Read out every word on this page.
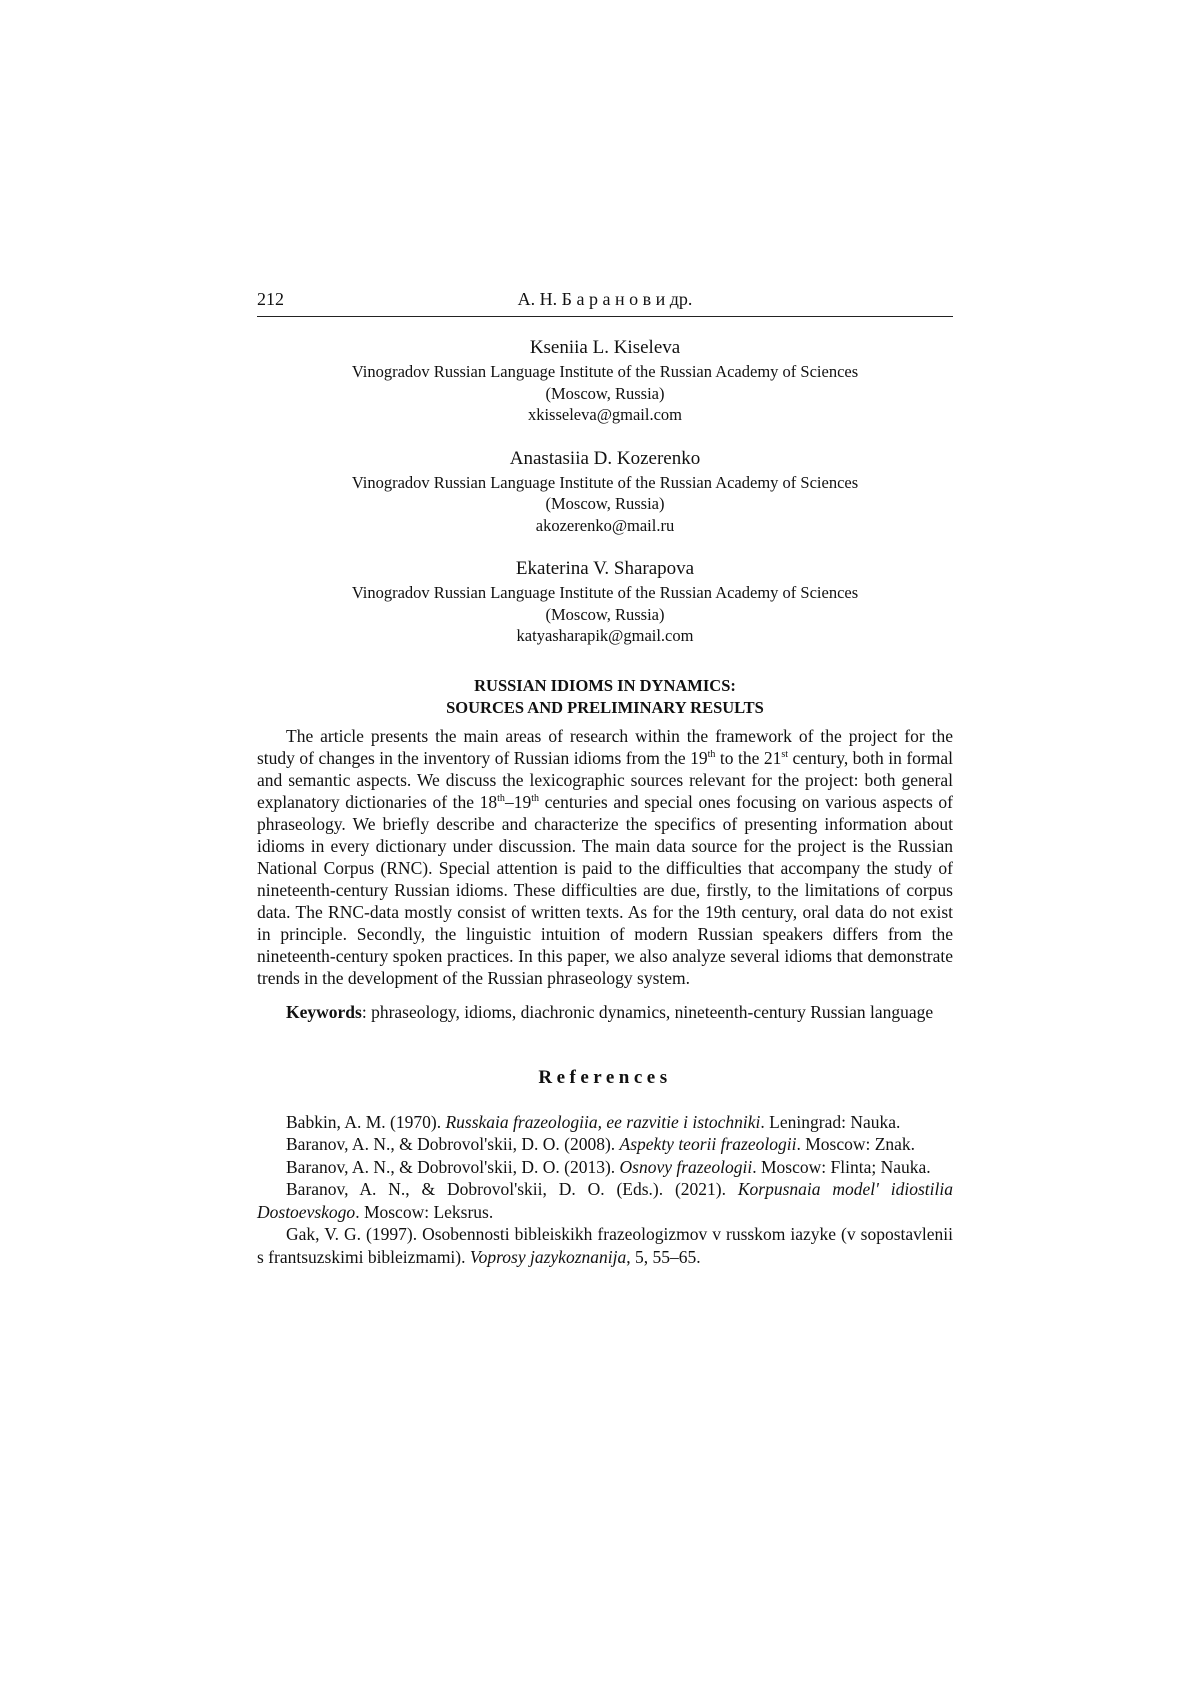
212	А. Н. Б а р а н о в и др.
Kseniia L. Kiseleva
Vinogradov Russian Language Institute of the Russian Academy of Sciences
(Moscow, Russia)
xkisseleva@gmail.com
Anastasiia D. Kozerenko
Vinogradov Russian Language Institute of the Russian Academy of Sciences
(Moscow, Russia)
akozerenko@mail.ru
Ekaterina V. Sharapova
Vinogradov Russian Language Institute of the Russian Academy of Sciences
(Moscow, Russia)
katyasharapik@gmail.com
RUSSIAN IDIOMS IN DYNAMICS:
SOURCES AND PRELIMINARY RESULTS

The article presents the main areas of research within the framework of the project for the study of changes in the inventory of Russian idioms from the 19th to the 21st century, both in formal and semantic aspects. We discuss the lexicographic sources relevant for the project: both general explanatory dictionaries of the 18th–19th centuries and special ones focusing on various aspects of phraseology. We briefly describe and characterize the specifics of presenting information about idioms in every dictionary under discussion. The main data source for the project is the Russian National Corpus (RNC). Special attention is paid to the difficulties that accompany the study of nineteenth-century Russian idioms. These difficulties are due, firstly, to the limitations of corpus data. The RNC-data mostly consist of written texts. As for the 19th century, oral data do not exist in principle. Secondly, the linguistic intuition of modern Russian speakers differs from the nineteenth-century spoken practices. In this paper, we also analyze several idioms that demonstrate trends in the development of the Russian phraseology system.

Keywords: phraseology, idioms, diachronic dynamics, nineteenth-century Russian language

References

Babkin, A. M. (1970). Russkaia frazeologiia, ee razvitie i istochniki. Leningrad: Nauka.

Baranov, A. N., & Dobrovol'skii, D. O. (2008). Aspekty teorii frazeologii. Moscow: Znak.

Baranov, A. N., & Dobrovol'skii, D. O. (2013). Osnovy frazeologii. Moscow: Flinta; Nauka.

Baranov, A. N., & Dobrovol'skii, D. O. (Eds.). (2021). Korpusnaia model' idiostilia Dostoevskogo. Moscow: Leksrus.

Gak, V. G. (1997). Osobennosti bibleiskikh frazeologizmov v russkom iazyke (v sopostavlenii s frantsuzskimi bibleizmami). Voprosy jazykoznanija, 5, 55–65.
